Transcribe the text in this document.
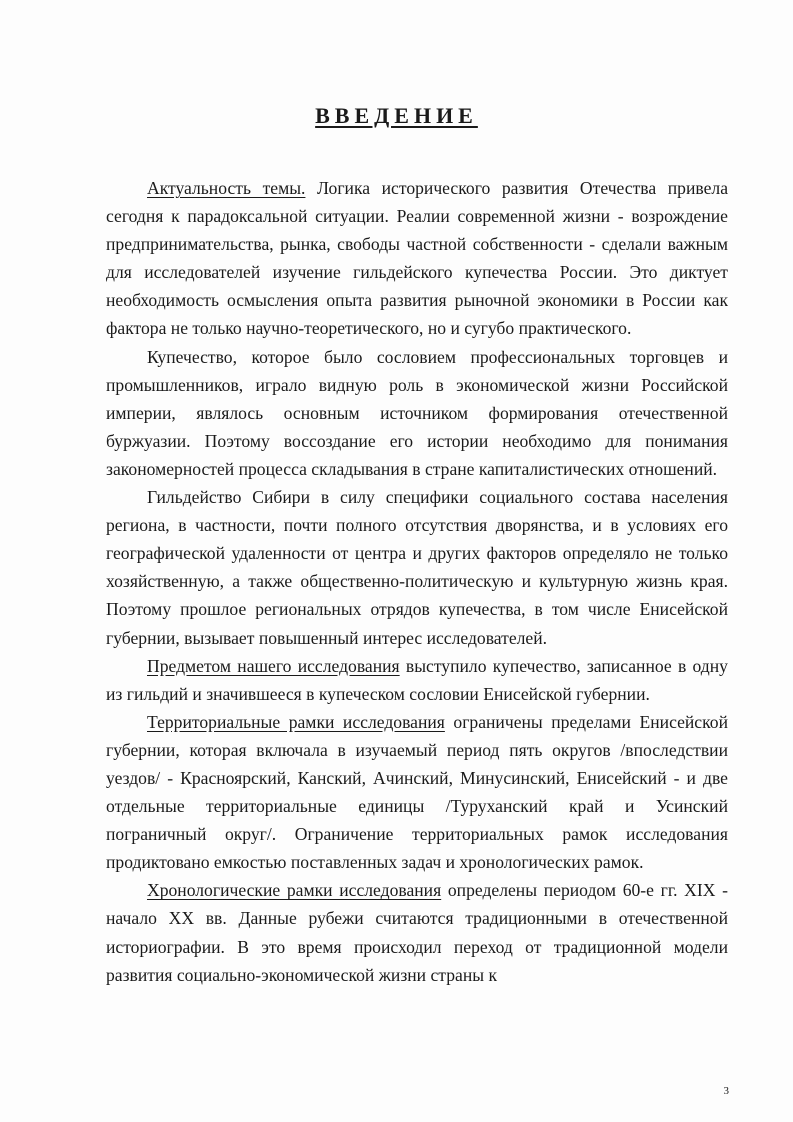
ВВЕДЕНИЕ

Актуальность темы. Логика исторического развития Отечества привела сегодня к парадоксальной ситуации. Реалии современной жизни - возрождение предпринимательства, рынка, свободы частной собственности - сделали важным для исследователей изучение гильдейского купечества России. Это диктует необходимость осмысления опыта развития рыночной экономики в России как фактора не только научно-теоретического, но и сугубо практического.

Купечество, которое было сословием профессиональных торговцев и промышленников, играло видную роль в экономической жизни Российской империи, являлось основным источником формирования отечественной буржуазии. Поэтому воссоздание его истории необходимо для понимания закономерностей процесса складывания в стране капиталистических отношений.

Гильдейство Сибири в силу специфики социального состава населения региона, в частности, почти полного отсутствия дворянства, и в условиях его географической удаленности от центра и других факторов определяло не только хозяйственную, а также общественно-политическую и культурную жизнь края. Поэтому прошлое региональных отрядов купечества, в том числе Енисейской губернии, вызывает повышенный интерес исследователей.

Предметом нашего исследования выступило купечество, записанное в одну из гильдий и значившееся в купеческом сословии Енисейской губернии.

Территориальные рамки исследования ограничены пределами Енисейской губернии, которая включала в изучаемый период пять округов /впоследствии уездов/ - Красноярский, Канский, Ачинский, Минусинский, Енисейский - и две отдельные территориальные единицы /Туруханский край и Усинский пограничный округ/. Ограничение территориальных рамок исследования продиктовано емкостью поставленных задач и хронологических рамок.

Хронологические рамки исследования определены периодом 60-е гг. XIX - начало XX вв. Данные рубежи считаются традиционными в отечественной историографии. В это время происходил переход от традиционной модели развития социально-экономической жизни страны к

3
